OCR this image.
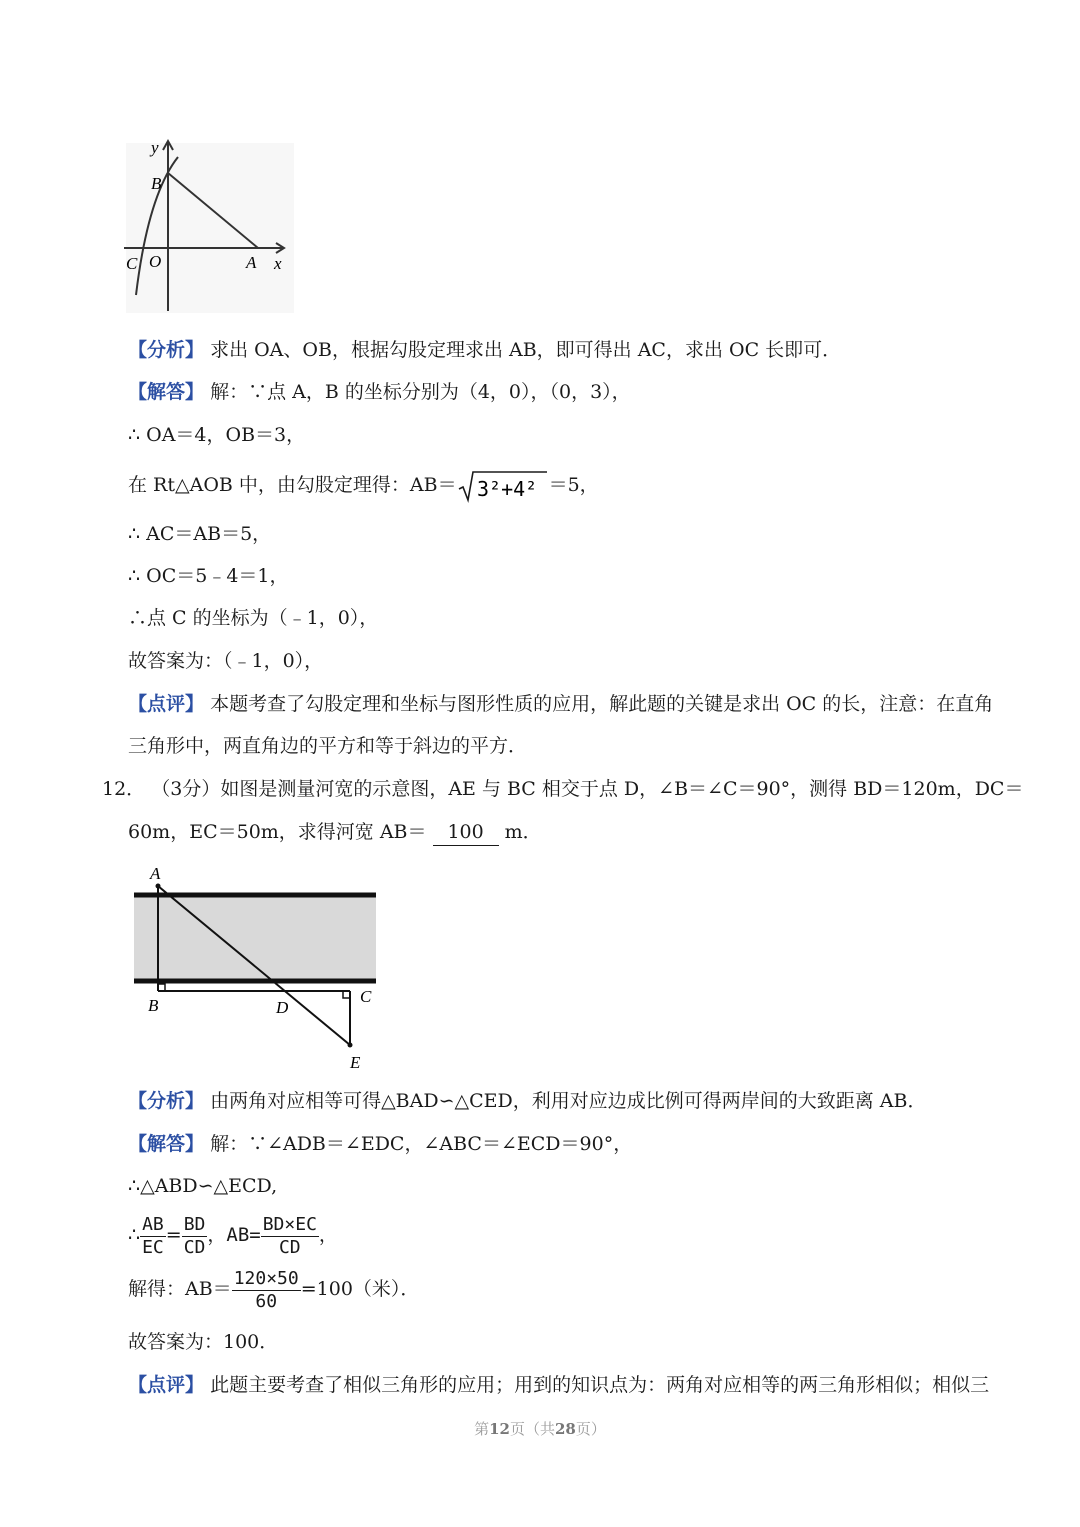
y
B
C O	A x
【分析】 求出 OA、OB，根据勾股定理求出 AB，即可得出 AC，求出 OC 长即可．
【解答】 解：∵点 A，B 的坐标分别为（4，0），（0，3），
∴ OA＝4，OB＝3，
在 Rt△AOB 中，由勾股定理得：AB＝ 3²+4² ＝5，
∴ AC＝AB＝5，
∴ OC＝5﹣4＝1，
∴点 C 的坐标为（﹣1，0），
故答案为：（﹣1，0），
【点评】 本题考查了勾股定理和坐标与图形性质的应用，解此题的关键是求出 OC 的长，注意：在直角
三角形中，两直角边的平方和等于斜边的平方．
12． （3分）如图是测量河宽的示意图，AE 与 BC 相交于点 D，∠B＝∠C＝90°，测得 BD＝120m，DC＝
60m，EC＝50m，求得河宽 AB＝ 100 m．
A
B	D
C
E
【分析】 由两角对应相等可得△BAD∽△CED，利用对应边成比例可得两岸间的大致距离 AB．
【解答】 解：∵∠ADB＝∠EDC，∠ABC＝∠ECD＝90°，
∴△ABD∽△ECD,
∴ $\frac{AB}{EC} = \frac{BD}{CD}$ ，$AB= \frac{BD\times EC}{CD}$ ，
解得：$AB= \frac{120\times 50}{60} =100$（米）．
故答案为：100．
【点评】 此题主要考查了相似三角形的应用；用到的知识点为：两角对应相等的两三角形相似；相似三
第12页（共28页）
